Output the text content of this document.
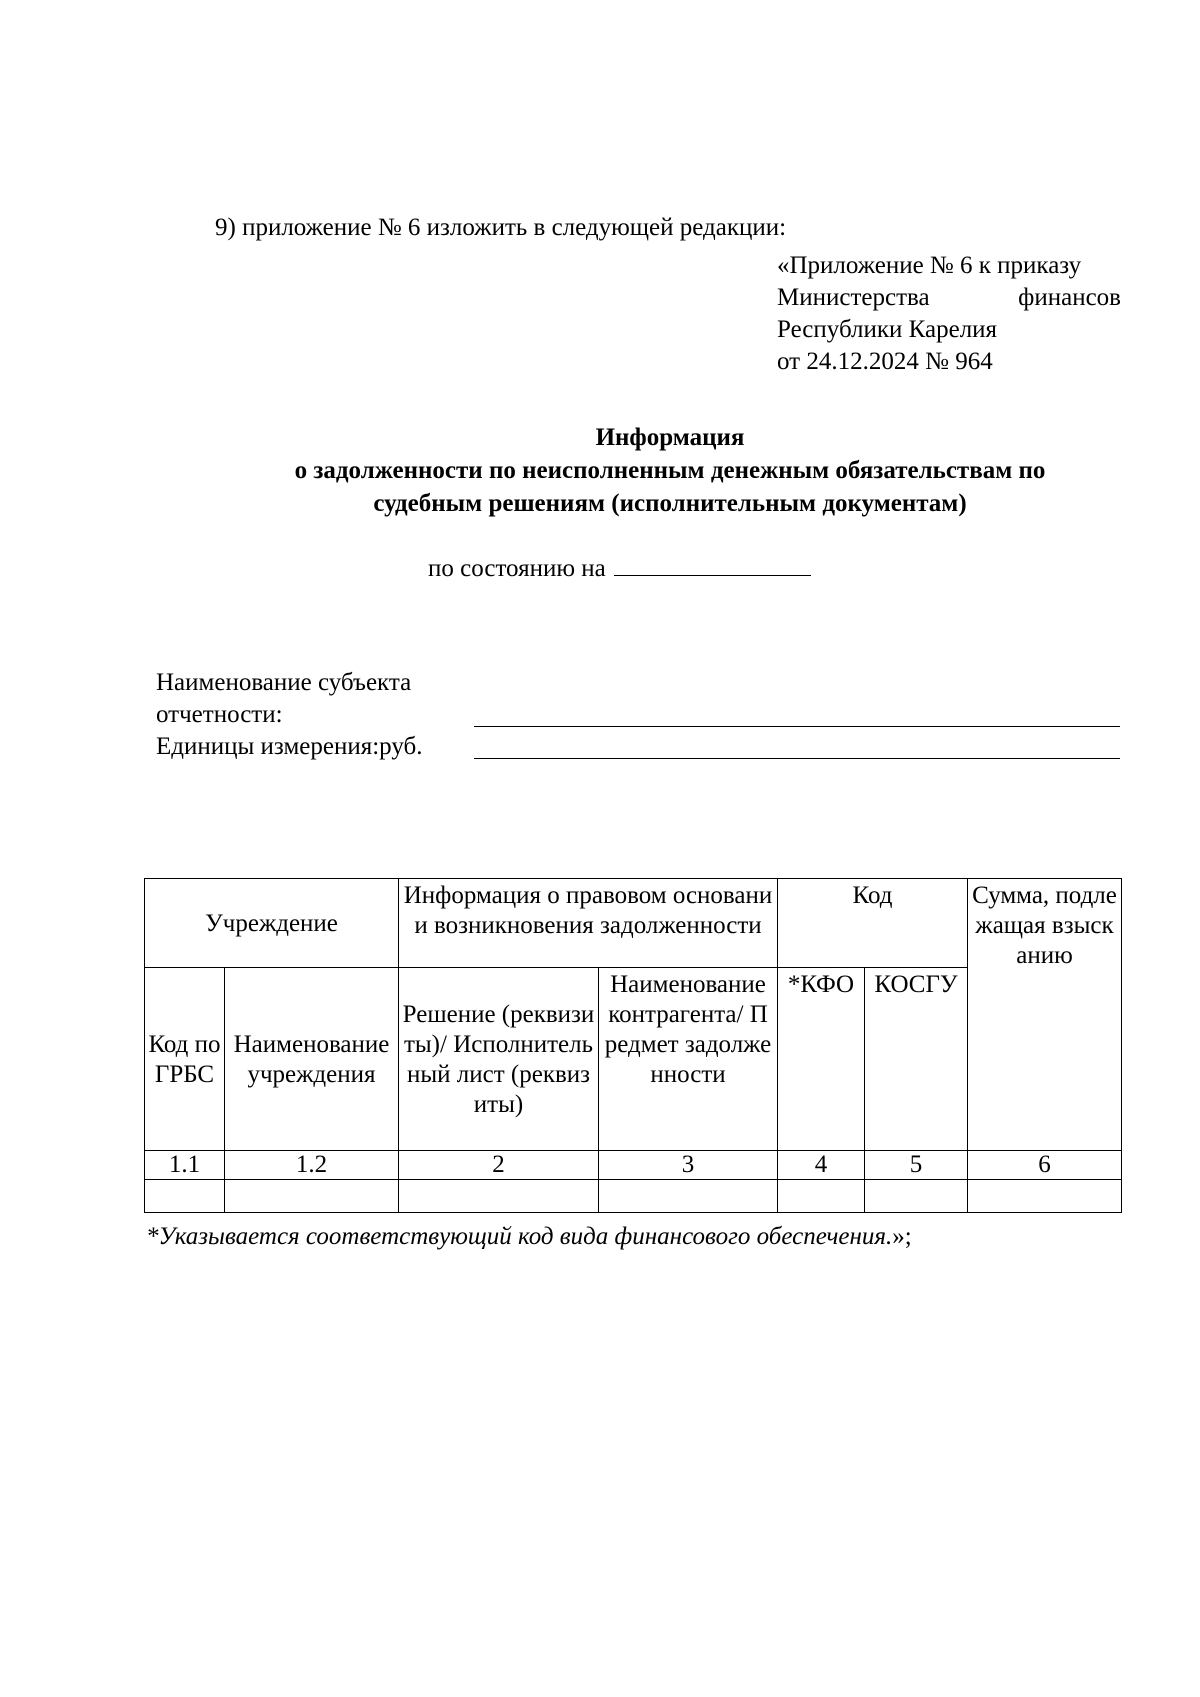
9) приложение № 6 изложить в следующей редакции:
«Приложение № 6 к приказу
Министерства	финансов
Республики Карелия
от 24.12.2024 № 964
Информация
о задолженности по неисполненным денежным обязательствам по
судебным решениям (исполнительным документам)
по состоянию на
Наименование субъекта
отчетности:
Единицы измерения:руб.
Учреждение		Информация о правовом основании возникновения задолженности		Код		Сумма, подлежащая взысканию
Код по ГРБС	Наименование учреждения	Решение (реквизиты)/ Исполнительный лист (реквизиты)	Наименование контрагента/ Предмет задолженности	*КФО	КОСГУ	
1.1	1.2	2	3	4	5	6

*Указывается соответствующий код вида финансового обеспечения.»;
